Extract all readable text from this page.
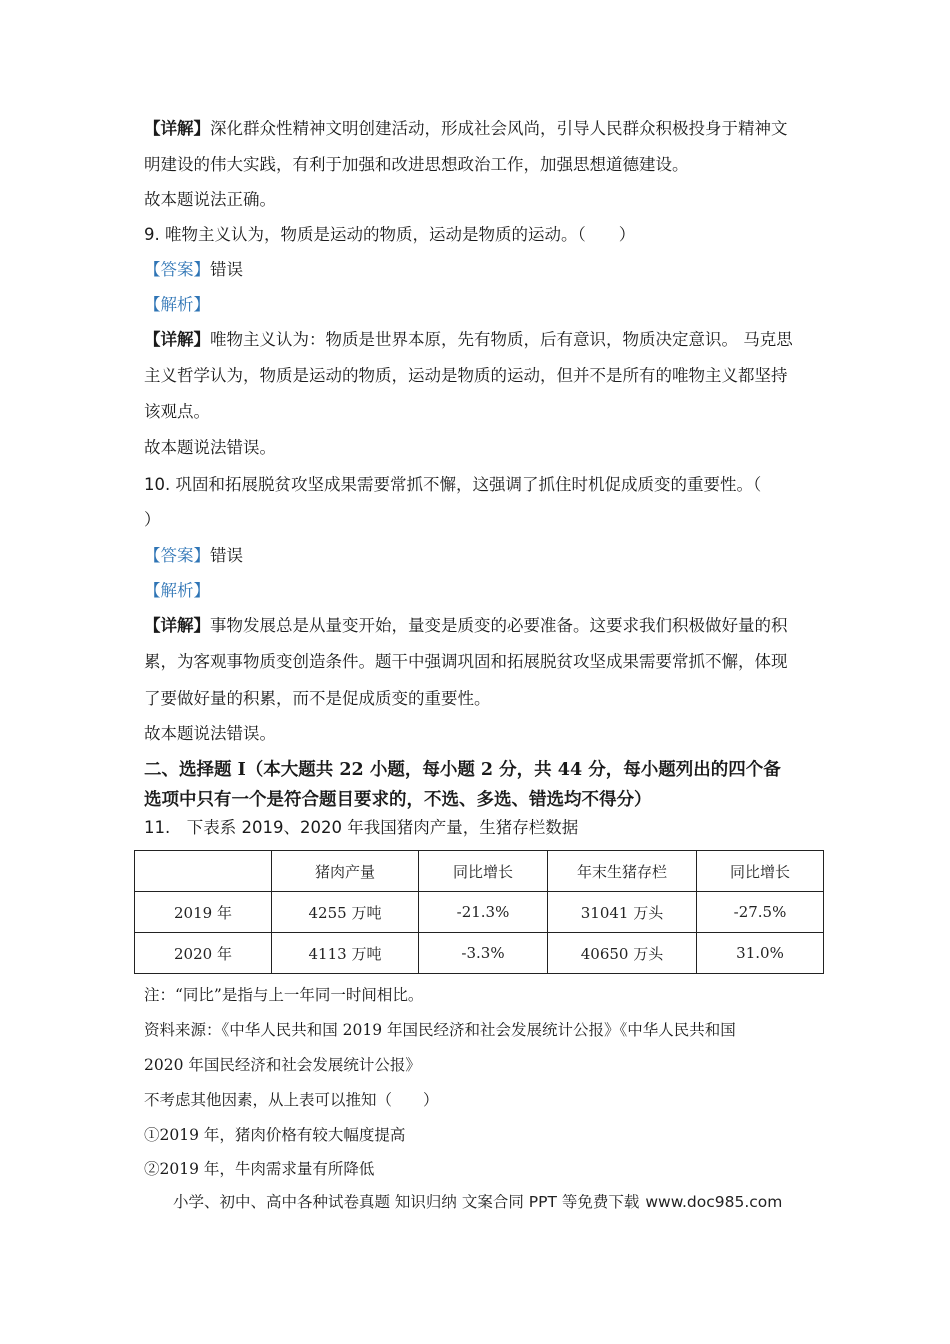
【详解】深化群众性精神文明创建活动，形成社会风尚，引导人民群众积极投身于精神文
明建设的伟大实践，有利于加强和改进思想政治工作，加强思想道德建设。
故本题说法正确。
9. 唯物主义认为，物质是运动的物质，运动是物质的运动。（　　）
【答案】错误
【解析】
【详解】唯物主义认为：物质是世界本原，先有物质，后有意识，物质决定意识。 马克思
主义哲学认为，物质是运动的物质，运动是物质的运动，但并不是所有的唯物主义都坚持
该观点。
故本题说法错误。
10. 巩固和拓展脱贫攻坚成果需要常抓不懈，这强调了抓住时机促成质变的重要性。（
）
【答案】错误
【解析】
【详解】事物发展总是从量变开始，量变是质变的必要准备。这要求我们积极做好量的积
累，为客观事物质变创造条件。题干中强调巩固和拓展脱贫攻坚成果需要常抓不懈，体现
了要做好量的积累，而不是促成质变的重要性。
故本题说法错误。
二、选择题 I（本大题共 22 小题，每小题 2 分，共 44 分，每小题列出的四个备
选项中只有一个是符合题目要求的，不选、多选、错选均不得分）
11.　下表系 2019、2020 年我国猪肉产量，生猪存栏数据
	猪肉产量	同比增长	年末生猪存栏	同比增长
2019 年	4255 万吨	-21.3%	31041 万头	-27.5%
2020 年	4113 万吨	-3.3%	40650 万头	31.0%
注：“同比”是指与上一年同一时间相比。
资料来源：《中华人民共和国 2019 年国民经济和社会发展统计公报》《中华人民共和国
2020 年国民经济和社会发展统计公报》
不考虑其他因素，从上表可以推知（　　）
①2019 年，猪肉价格有较大幅度提高
②2019 年，牛肉需求量有所降低
小学、初中、高中各种试卷真题 知识归纳 文案合同 PPT 等免费下载 www.doc985.com
